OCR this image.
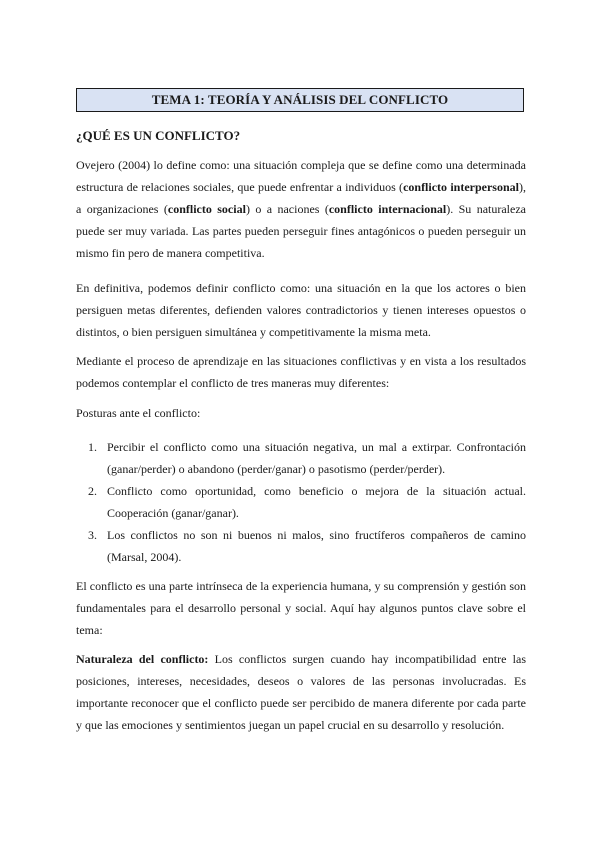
TEMA 1: TEORÍA Y ANÁLISIS DEL CONFLICTO
¿QUÉ ES UN CONFLICTO?
Ovejero (2004) lo define como: una situación compleja que se define como una determinada estructura de relaciones sociales, que puede enfrentar a individuos (conflicto interpersonal), a organizaciones (conflicto social) o a naciones (conflicto internacional). Su naturaleza puede ser muy variada. Las partes pueden perseguir fines antagónicos o pueden perseguir un mismo fin pero de manera competitiva.
En definitiva, podemos definir conflicto como: una situación en la que los actores o bien persiguen metas diferentes, defienden valores contradictorios y tienen intereses opuestos o distintos, o bien persiguen simultánea y competitivamente la misma meta.
Mediante el proceso de aprendizaje en las situaciones conflictivas y en vista a los resultados podemos contemplar el conflicto de tres maneras muy diferentes:
Posturas ante el conflicto:
1. Percibir el conflicto como una situación negativa, un mal a extirpar. Confrontación (ganar/perder) o abandono (perder/ganar) o pasotismo (perder/perder).
2. Conflicto como oportunidad, como beneficio o mejora de la situación actual. Cooperación (ganar/ganar).
3. Los conflictos no son ni buenos ni malos, sino fructíferos compañeros de camino (Marsal, 2004).
El conflicto es una parte intrínseca de la experiencia humana, y su comprensión y gestión son fundamentales para el desarrollo personal y social. Aquí hay algunos puntos clave sobre el tema:
Naturaleza del conflicto: Los conflictos surgen cuando hay incompatibilidad entre las posiciones, intereses, necesidades, deseos o valores de las personas involucradas. Es importante reconocer que el conflicto puede ser percibido de manera diferente por cada parte y que las emociones y sentimientos juegan un papel crucial en su desarrollo y resolución.
